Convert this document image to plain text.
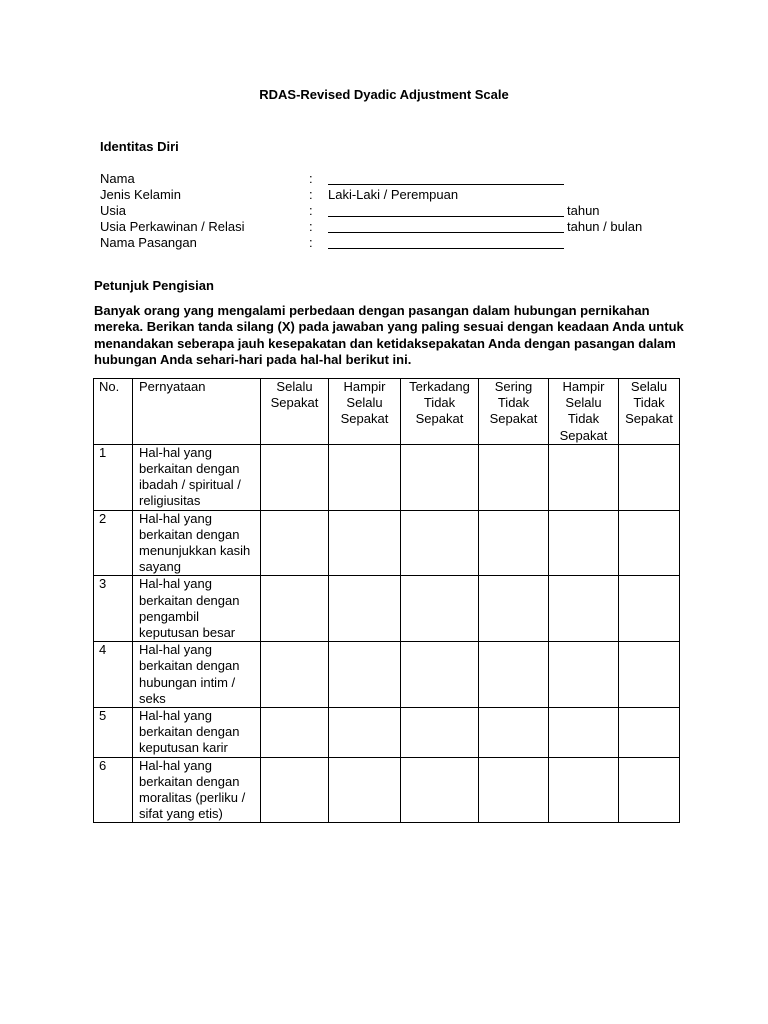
RDAS-Revised Dyadic Adjustment Scale
Identitas Diri
Nama	:
Jenis Kelamin	: Laki-Laki / Perempuan
Usia	:	tahun
Usia Perkawinan / Relasi	:	tahun / bulan
Nama Pasangan	:
Petunjuk Pengisian
Banyak orang yang mengalami perbedaan dengan pasangan dalam hubungan pernikahan mereka. Berikan tanda silang (X) pada jawaban yang paling sesuai dengan keadaan Anda untuk menandakan seberapa jauh kesepakatan dan ketidaksepakatan Anda dengan pasangan dalam hubungan Anda sehari-hari pada hal-hal berikut ini.
No.	Pernyataan	Selalu Sepakat	Hampir Selalu Sepakat	Terkadang Tidak Sepakat	Sering Tidak Sepakat	Hampir Selalu Tidak Sepakat	Selalu Tidak Sepakat
1	Hal-hal yang berkaitan dengan ibadah / spiritual / religiusitas						
2	Hal-hal yang berkaitan dengan menunjukkan kasih sayang						
3	Hal-hal yang berkaitan dengan pengambil keputusan besar						
4	Hal-hal yang berkaitan dengan hubungan intim / seks						
5	Hal-hal yang berkaitan dengan keputusan karir						
6	Hal-hal yang berkaitan dengan moralitas (perliku / sifat yang etis)						
